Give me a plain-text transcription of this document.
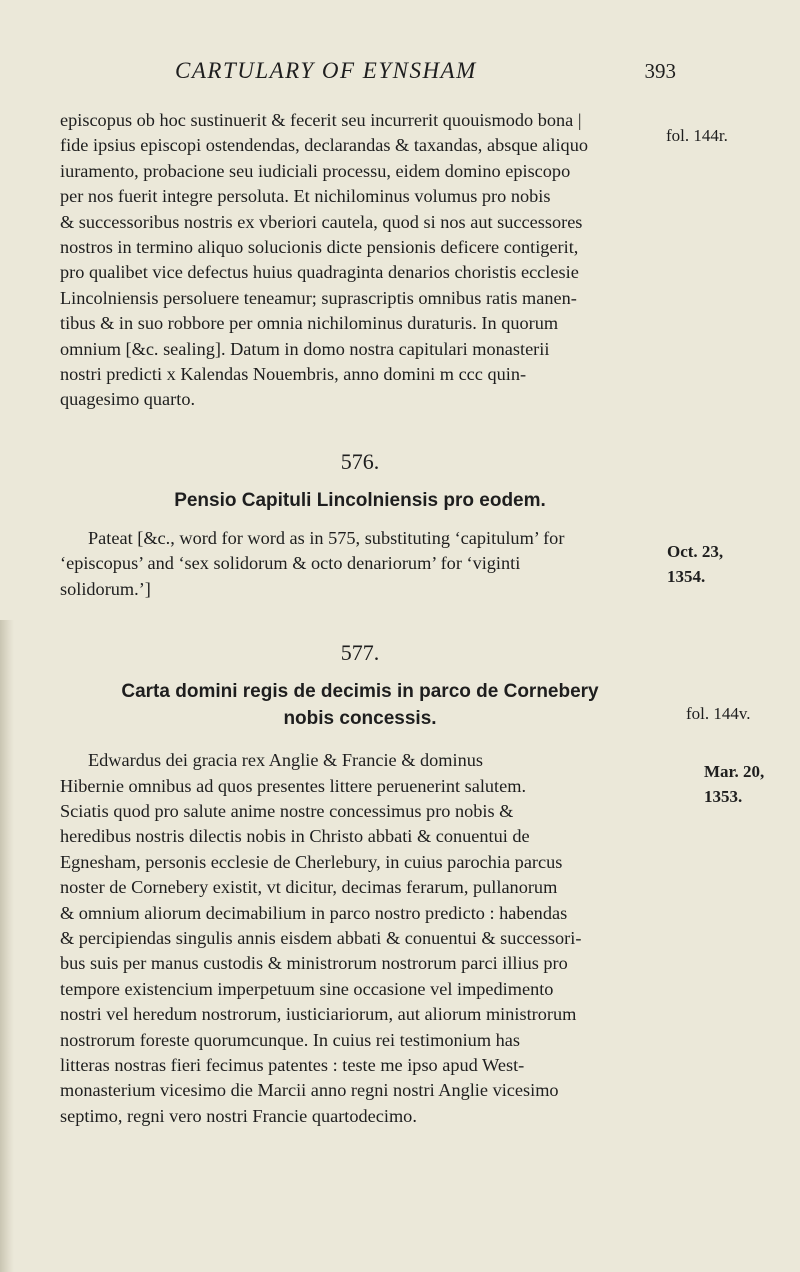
CARTULARY OF EYNSHAM	393

episcopus ob hoc sustinuerit & fecerit seu incurrerit quouismodo bona |
fide ipsius episcopi ostendendas, declarandas & taxandas, absque aliquo
iuramento, probacione seu iudiciali processu, eidem domino episcopo
per nos fuerit integre persoluta. Et nichilominus volumus pro nobis
& successoribus nostris ex vberiori cautela, quod si nos aut successores
nostros in termino aliquo solucionis dicte pensionis deficere contigerit,
pro qualibet vice defectus huius quadraginta denarios choristis ecclesie
Lincolniensis persoluere teneamur; suprascriptis omnibus ratis manen-
tibus & in suo robbore per omnia nichilominus duraturis. In quorum
omnium [&c. sealing]. Datum in domo nostra capitulari monasterii
nostri predicti x Kalendas Nouembris, anno domini m ccc quin-
quagesimo quarto.

576.

Pensio Capituli Lincolniensis pro eodem.

Pateat [&c., word for word as in 575, substituting ‘capitulum’ for
‘episcopus’ and ‘sex solidorum & octo denariorum’ for ‘viginti
solidorum.’]

577.

Carta domini regis de decimis in parco de Cornebery
nobis concessis.

Edwardus dei gracia rex Anglie & Francie & dominus
Hibernie omnibus ad quos presentes littere peruenerint salutem.
Sciatis quod pro salute anime nostre concessimus pro nobis &
heredibus nostris dilectis nobis in Christo abbati & conuentui de
Egnesham, personis ecclesie de Cherlebury, in cuius parochia parcus
noster de Cornebery existit, vt dicitur, decimas ferarum, pullanorum
& omnium aliorum decimabilium in parco nostro predicto : habendas
& percipiendas singulis annis eisdem abbati & conuentui & successori-
bus suis per manus custodis & ministrorum nostrorum parci illius pro
tempore existencium imperpetuum sine occasione vel impedimento
nostri vel heredum nostrorum, iusticiariorum, aut aliorum ministrorum
nostrorum foreste quorumcunque. In cuius rei testimonium has
litteras nostras fieri fecimus patentes : teste me ipso apud West-
monasterium vicesimo die Marcii anno regni nostri Anglie vicesimo
septimo, regni vero nostri Francie quartodecimo.

fol. 144r.
Oct. 23,
1354.
fol. 144v.
Mar. 20,
1353.
